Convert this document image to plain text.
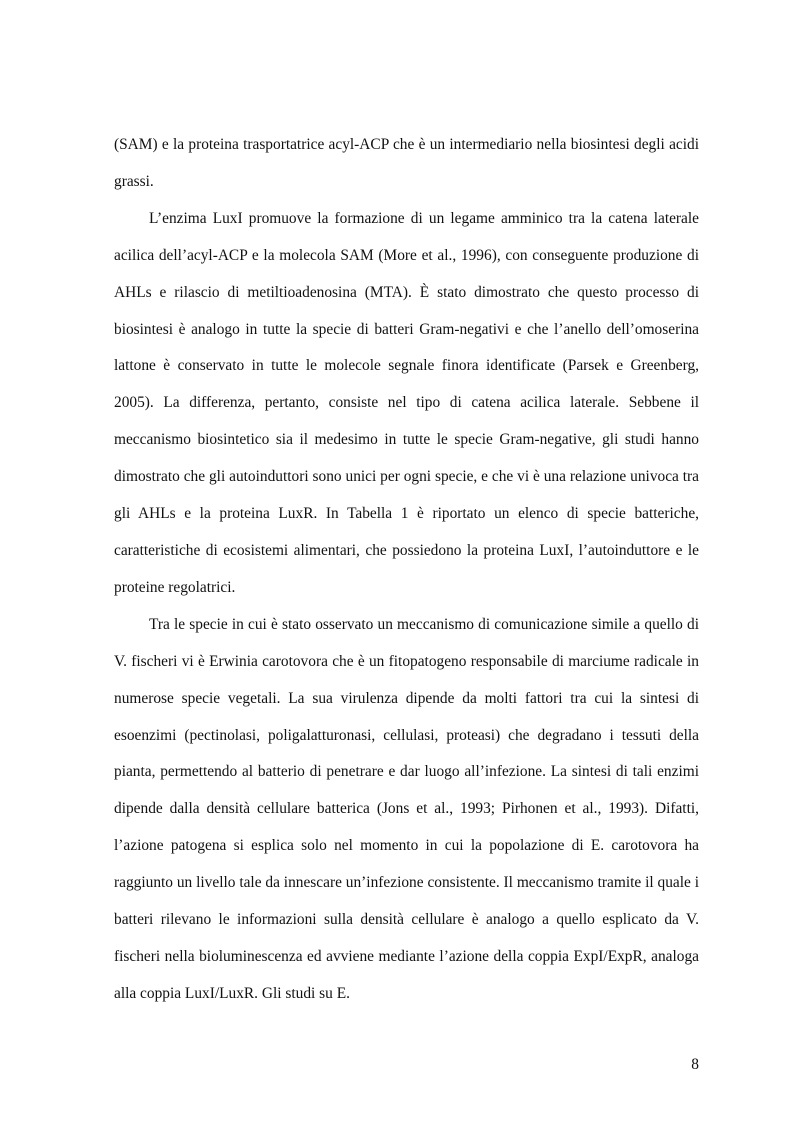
(SAM) e la proteina trasportatrice acyl-ACP che è un intermediario nella biosintesi degli acidi grassi.

L’enzima LuxI promuove la formazione di un legame amminico tra la catena laterale acilica dell’acyl-ACP e la molecola SAM (More et al., 1996), con conseguente produzione di AHLs e rilascio di metiltioadenosina (MTA). È stato dimostrato che questo processo di biosintesi è analogo in tutte la specie di batteri Gram-negativi e che l’anello dell’omoserina lattone è conservato in tutte le molecole segnale finora identificate (Parsek e Greenberg, 2005). La differenza, pertanto, consiste nel tipo di catena acilica laterale. Sebbene il meccanismo biosintetico sia il medesimo in tutte le specie Gram-negative, gli studi hanno dimostrato che gli autoinduttori sono unici per ogni specie, e che vi è una relazione univoca tra gli AHLs e la proteina LuxR. In Tabella 1 è riportato un elenco di specie batteriche, caratteristiche di ecosistemi alimentari, che possiedono la proteina LuxI, l’autoinduttore e le proteine regolatrici.

Tra le specie in cui è stato osservato un meccanismo di comunicazione simile a quello di V. fischeri vi è Erwinia carotovora che è un fitopatogeno responsabile di marciume radicale in numerose specie vegetali. La sua virulenza dipende da molti fattori tra cui la sintesi di esoenzimi (pectinolasi, poligalatturonasi, cellulasi, proteasi) che degradano i tessuti della pianta, permettendo al batterio di penetrare e dar luogo all’infezione. La sintesi di tali enzimi dipende dalla densità cellulare batterica (Jons et al., 1993; Pirhonen et al., 1993). Difatti, l’azione patogena si esplica solo nel momento in cui la popolazione di E. carotovora ha raggiunto un livello tale da innescare un’infezione consistente. Il meccanismo tramite il quale i batteri rilevano le informazioni sulla densità cellulare è analogo a quello esplicato da V. fischeri nella bioluminescenza ed avviene mediante l’azione della coppia ExpI/ExpR, analoga alla coppia LuxI/LuxR. Gli studi su E.

8
